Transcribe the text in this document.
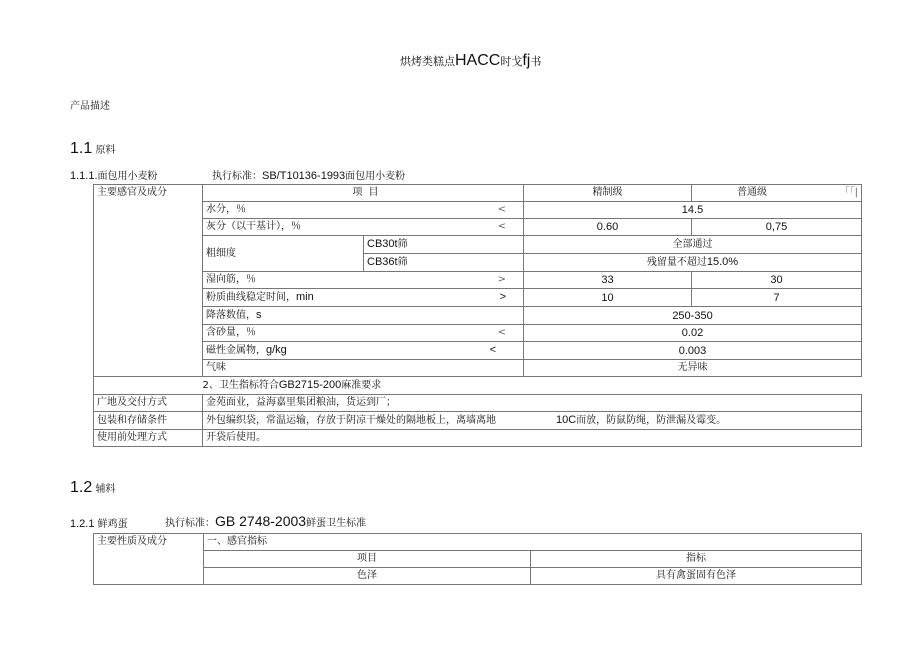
烘烤类糕点HACC时戈fj书
产品描述
1.1 原料
1.1.1.面包用小麦粉	执行标准：SB/T10136-1993面包用小麦粉
主要感官及成分	项		目	精制级	普通级 「「|

	水分，％ <			14.5	
	灰分（以干基计），％ <			0.60	0,75
	粗细度	CB30t筛		全部通过	
		CB36t筛		残留量不超过15.0%	
	湿向筋，％ >			33	30
	粉质曲线稳定时间，min >			10	7
	降落数值，s			250-350	
	含砂量，％ <			0.02	
	磁性金属物，g/kg <			0.003	
	气味			无异味	
	2、卫生指标符合GB2715-200麻准要求				
广地及交付方式	金苑面业，益海嘉里集团粮油，货运到厂；				
包装和存储条件	外包编织袋，常温运输，存放于阴凉干燥处的隔地板上，离墙离地 10C而放，防鼠防绳，防泄漏及霉变。				
使用前处理方式	开袋后使用。				
1.2 辅料
1.2.1 鲜鸡蛋	执行标准：GB 2748-2003鲜蛋卫生标准
主要性质及成分	一、感官指标	
	项目	指标
	色泽	具有禽蛋固有色泽
